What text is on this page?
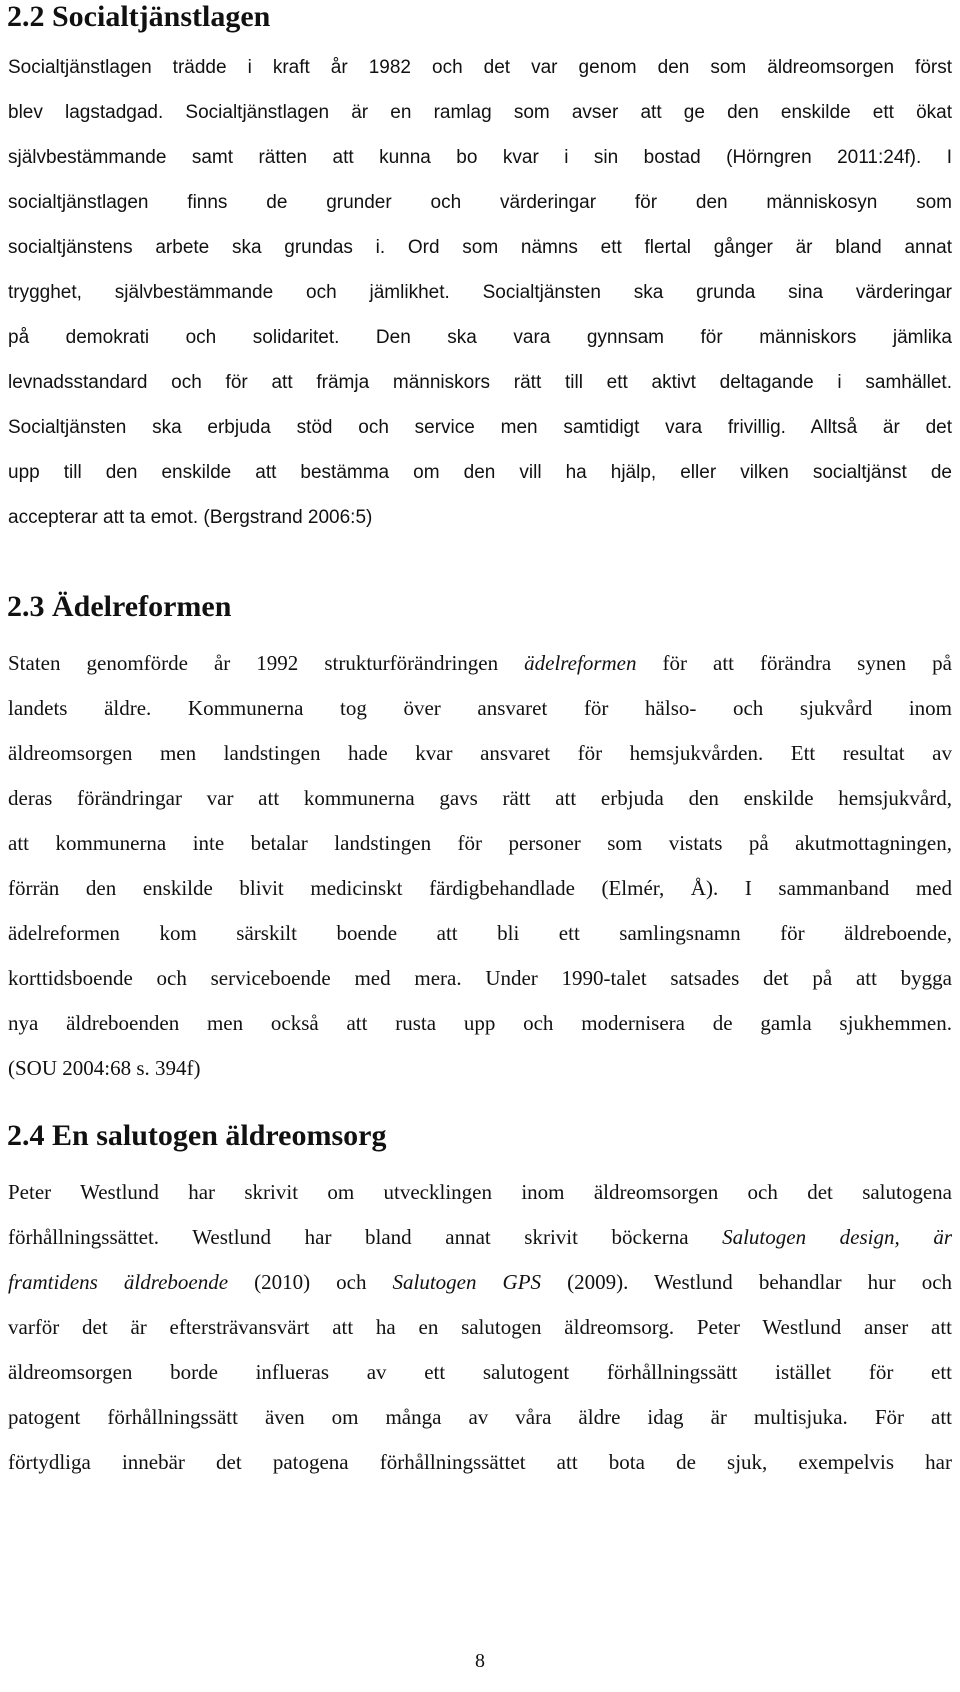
2.2 Socialtjänstlagen
Socialtjänstlagen trädde i kraft år 1982 och det var genom den som äldreomsorgen först
blev lagstadgad. Socialtjänstlagen är en ramlag som avser att ge den enskilde ett ökat
självbestämmande samt rätten att kunna bo kvar i sin bostad (Hörngren 2011:24f). I
socialtjänstlagen finns de grunder och värderingar för den människosyn som
socialtjänstens arbete ska grundas i. Ord som nämns ett flertal gånger är bland annat
trygghet, självbestämmande och jämlikhet. Socialtjänsten ska grunda sina värderingar
på demokrati och solidaritet. Den ska vara gynnsam för människors jämlika
levnadsstandard och för att främja människors rätt till ett aktivt deltagande i samhället.
Socialtjänsten ska erbjuda stöd och service men samtidigt vara frivillig. Alltså är det
upp till den enskilde att bestämma om den vill ha hjälp, eller vilken socialtjänst de
accepterar att ta emot. (Bergstrand 2006:5)
2.3 Ädelreformen
Staten genomförde år 1992 strukturförändringen ädelreformen för att förändra synen på
landets äldre. Kommunerna tog över ansvaret för hälso- och sjukvård inom
äldreomsorgen men landstingen hade kvar ansvaret för hemsjukvården. Ett resultat av
deras förändringar var att kommunerna gavs rätt att erbjuda den enskilde hemsjukvård,
att kommunerna inte betalar landstingen för personer som vistats på akutmottagningen,
förrän den enskilde blivit medicinskt färdigbehandlade (Elmér, Å). I sammanband med
ädelreformen kom särskilt boende att bli ett samlingsnamn för äldreboende,
korttidsboende och serviceboende med mera. Under 1990-talet satsades det på att bygga
nya äldreboenden men också att rusta upp och modernisera de gamla sjukhemmen.
(SOU 2004:68 s. 394f)
2.4 En salutogen äldreomsorg
Peter Westlund har skrivit om utvecklingen inom äldreomsorgen och det salutogena
förhållningssättet. Westlund har bland annat skrivit böckerna Salutogen design, är
framtidens äldreboende (2010) och Salutogen GPS (2009). Westlund behandlar hur och
varför det är eftersträvansvärt att ha en salutogen äldreomsorg. Peter Westlund anser att
äldreomsorgen borde influeras av ett salutogent förhållningssätt istället för ett
patogent förhållningssätt även om många av våra äldre idag är multisjuka. För att
förtydliga innebär det patogena förhållningssättet att bota de sjuk, exempelvis har
8
